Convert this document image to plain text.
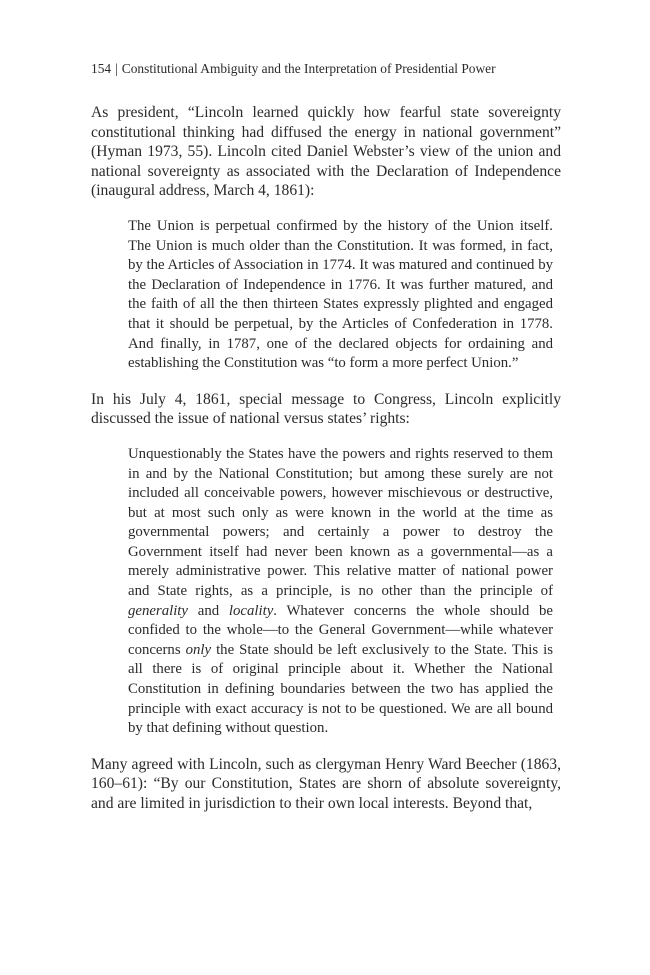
154 | Constitutional Ambiguity and the Interpretation of Presidential Power

As president, “Lincoln learned quickly how fearful state sovereignty constitutional thinking had diffused the energy in national government” (Hyman 1973, 55). Lincoln cited Daniel Webster’s view of the union and national sovereignty as associated with the Declaration of Independence (inaugural address, March 4, 1861):

The Union is perpetual confirmed by the history of the Union itself. The Union is much older than the Constitution. It was formed, in fact, by the Articles of Association in 1774. It was matured and continued by the Declaration of Independence in 1776. It was further matured, and the faith of all the then thirteen States expressly plighted and engaged that it should be perpetual, by the Articles of Confederation in 1778. And finally, in 1787, one of the declared objects for ordaining and establishing the Constitution was “to form a more perfect Union.”

In his July 4, 1861, special message to Congress, Lincoln explicitly discussed the issue of national versus states’ rights:

Unquestionably the States have the powers and rights reserved to them in and by the National Constitution; but among these surely are not included all conceivable powers, however mischievous or destructive, but at most such only as were known in the world at the time as governmental powers; and certainly a power to destroy the Government itself had never been known as a governmental—as a merely administrative power. This relative matter of national power and State rights, as a principle, is no other than the principle of generality and locality. Whatever concerns the whole should be confided to the whole—to the General Government—while whatever concerns only the State should be left exclusively to the State. This is all there is of original principle about it. Whether the National Constitution in defining boundaries between the two has applied the principle with exact accuracy is not to be questioned. We are all bound by that defining without question.

Many agreed with Lincoln, such as clergyman Henry Ward Beecher (1863, 160–61): “By our Constitution, States are shorn of absolute sovereignty, and are limited in jurisdiction to their own local interests. Beyond that,
